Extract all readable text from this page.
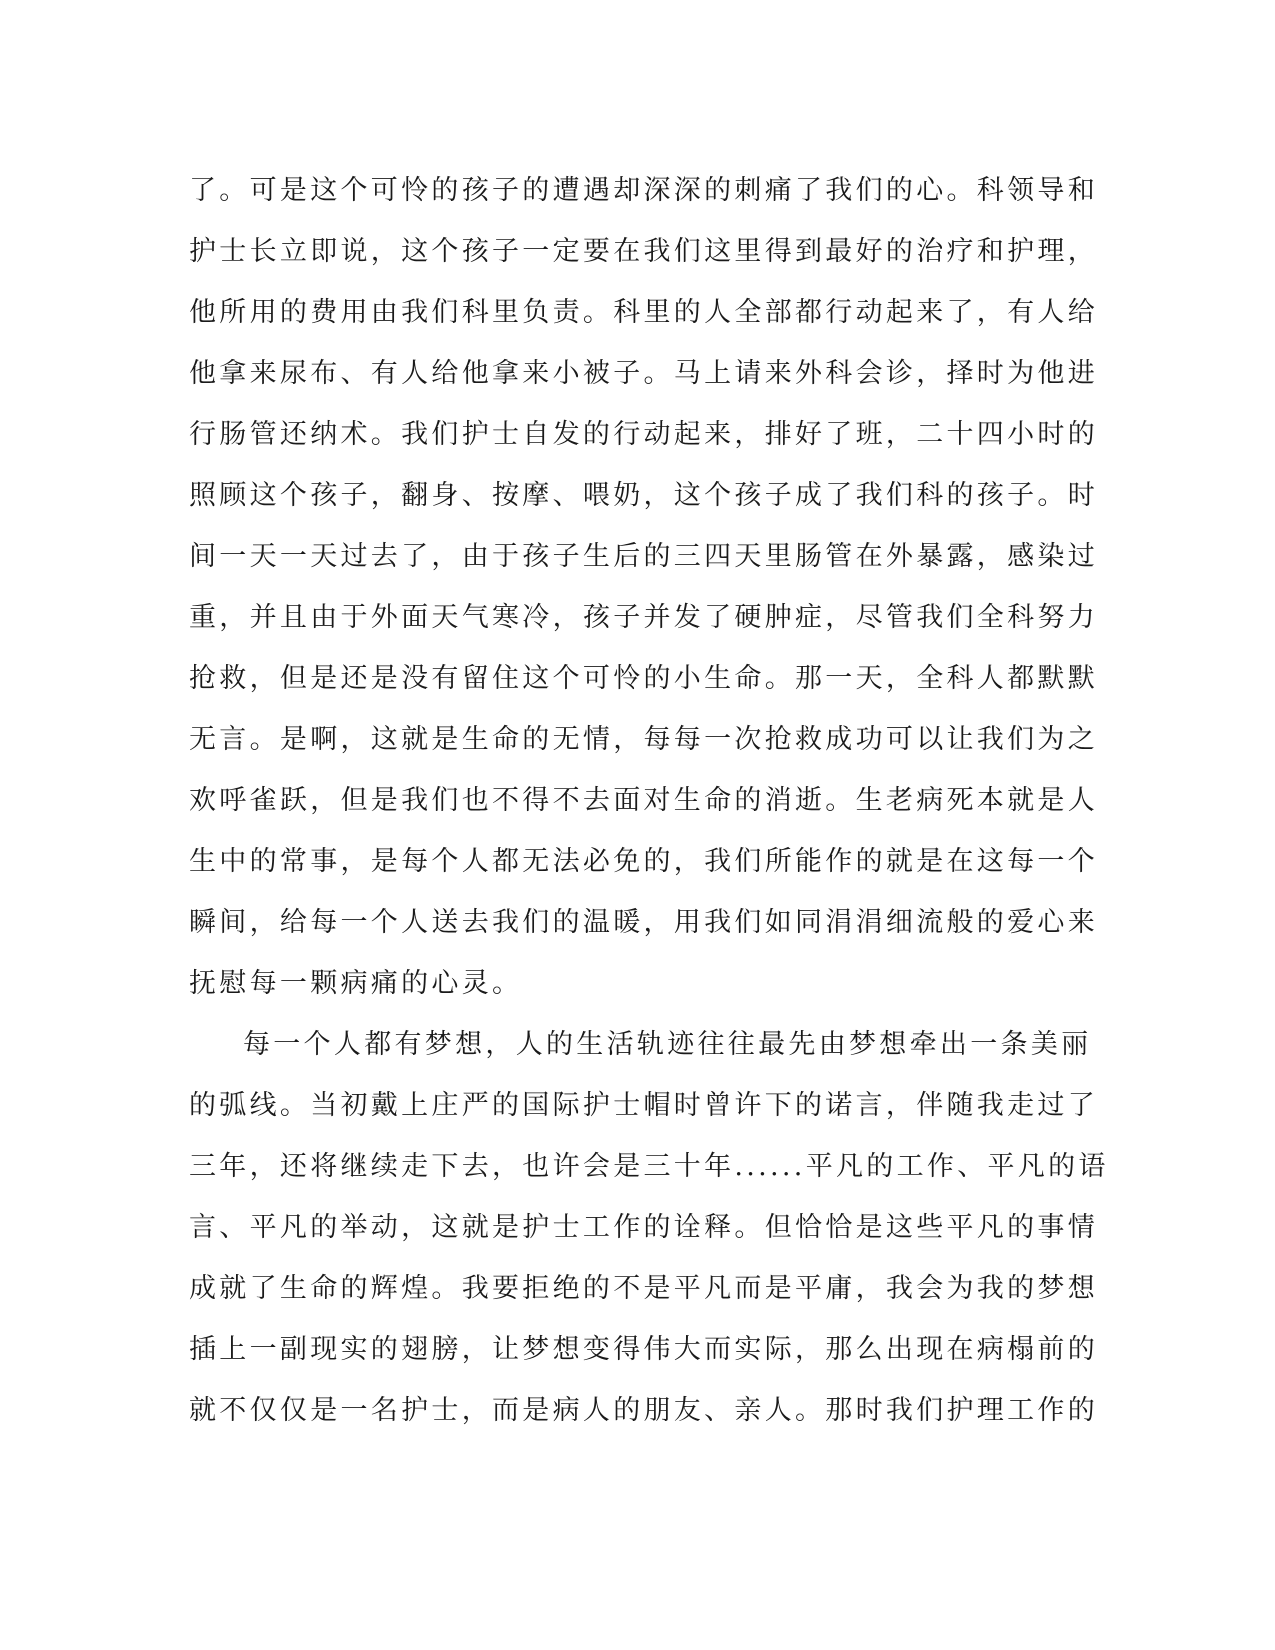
了。可是这个可怜的孩子的遭遇却深深的刺痛了我们的心。科领导和
护士长立即说，这个孩子一定要在我们这里得到最好的治疗和护理，
他所用的费用由我们科里负责。科里的人全部都行动起来了，有人给
他拿来尿布、有人给他拿来小被子。马上请来外科会诊，择时为他进
行肠管还纳术。我们护士自发的行动起来，排好了班，二十四小时的
照顾这个孩子，翻身、按摩、喂奶，这个孩子成了我们科的孩子。时
间一天一天过去了，由于孩子生后的三四天里肠管在外暴露，感染过
重，并且由于外面天气寒冷，孩子并发了硬肿症，尽管我们全科努力
抢救，但是还是没有留住这个可怜的小生命。那一天，全科人都默默
无言。是啊，这就是生命的无情，每每一次抢救成功可以让我们为之
欢呼雀跃，但是我们也不得不去面对生命的消逝。生老病死本就是人
生中的常事，是每个人都无法必免的，我们所能作的就是在这每一个
瞬间，给每一个人送去我们的温暖，用我们如同涓涓细流般的爱心来
抚慰每一颗病痛的心灵。
每一个人都有梦想，人的生活轨迹往往最先由梦想牵出一条美丽
的弧线。当初戴上庄严的国际护士帽时曾许下的诺言，伴随我走过了
三年，还将继续走下去，也许会是三十年......平凡的工作、平凡的语
言、平凡的举动，这就是护士工作的诠释。但恰恰是这些平凡的事情
成就了生命的辉煌。我要拒绝的不是平凡而是平庸，我会为我的梦想
插上一副现实的翅膀，让梦想变得伟大而实际，那么出现在病榻前的
就不仅仅是一名护士，而是病人的朋友、亲人。那时我们护理工作的
